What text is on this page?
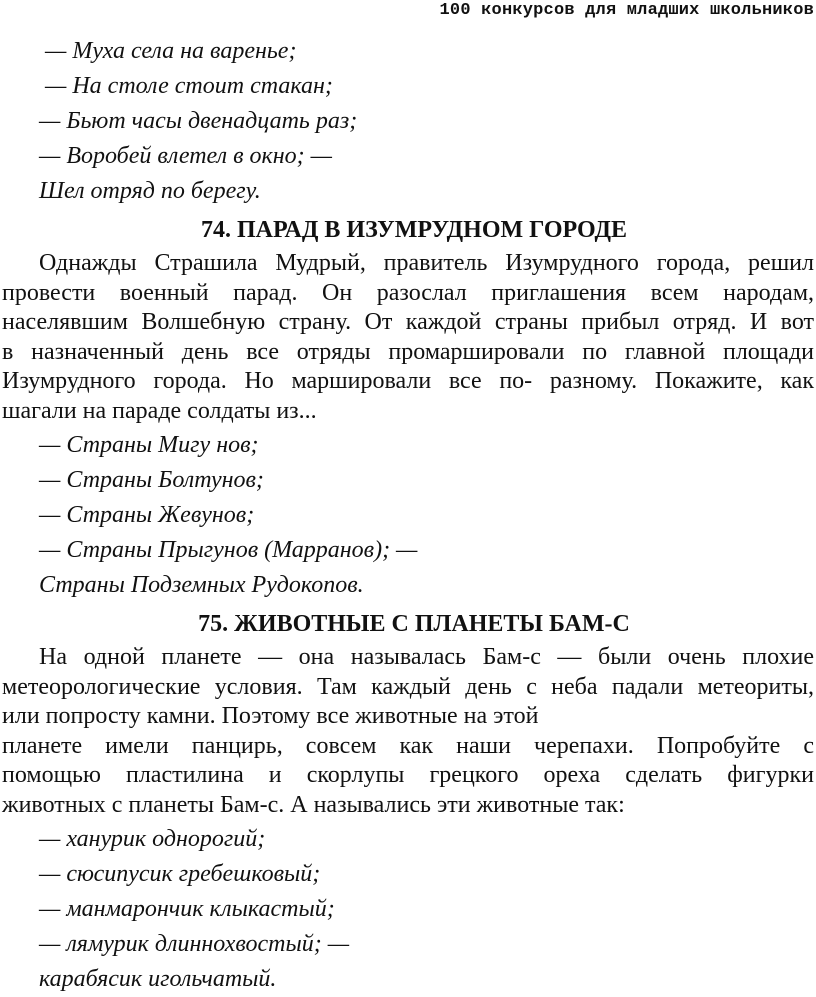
100 конкурсов для младших школьников
— Муха села на варенье;
— На столе стоит стакан;
— Бьют часы двенадцать раз;
— Воробей влетел в окно; —
Шел отряд по берегу.
74. ПАРАД В ИЗУМРУДНОМ ГОРОДЕ
Однажды Страшила Мудрый, правитель Изумрудного города, решил
провести военный парад. Он разослал приглашения всем народам,
населявшим Волшебную страну. От каждой страны прибыл отряд. И вот
в назначенный день все отряды промаршировали по главной площади
Изумрудного города. Но маршировали все по- разному. Покажите, как
шагали на параде солдаты из...
— Страны Мигу нов;
— Страны Болтунов;
— Страны Жевунов;
— Страны Прыгунов (Марранов); —
Страны Подземных Рудокопов.
75. ЖИВОТНЫЕ С ПЛАНЕТЫ БАМ-С
На одной планете — она называлась Бам-с — были очень плохие
метеорологические условия. Там каждый день с неба падали метеориты,
или попросту камни. Поэтому все животные на этой
планете имели панцирь, совсем как наши черепахи. Попробуйте с
помощью пластилина и скорлупы грецкого ореха сделать фигурки
животных с планеты Бам-с. А назывались эти животные так:
— ханурик однорогий;
— сюсипусик гребешковый;
— манмарончик клыкастый;
— лямурик длиннохвостый; —
карабясик игольчатый.
